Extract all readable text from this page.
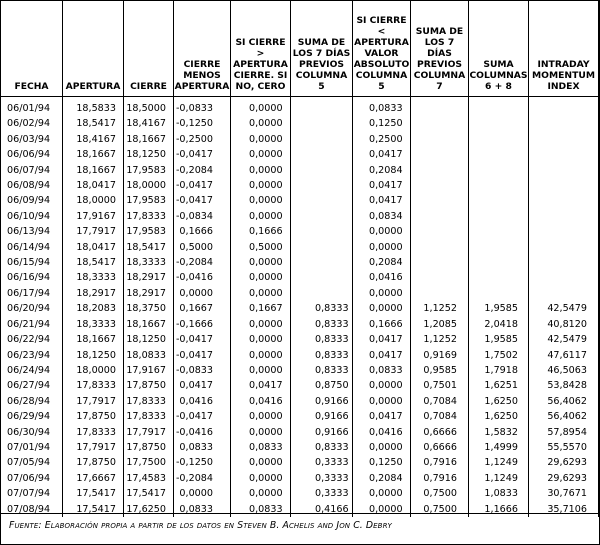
FECHA	APERTURA	CIERRE	CIERRE MENOS APERTURA	SI CIERRE > APERTURA CIERRE. SI NO, CERO	SUMA DE LOS 7 DÍAS PREVIOS COLUMNA 5	SI CIERRE < APERTURA VALOR ABSOLUTO COLUMNA 5	SUMA DE LOS 7 DÍAS PREVIOS COLUMNA 7	SUMA COLUMNAS 6 + 8	INTRADAY MOMENTUM INDEX
06/01/94	18,5833	18,5000	-0,0833	0,0000		0,0833			
06/02/94	18,5417	18,4167	-0,1250	0,0000		0,1250			
06/03/94	18,4167	18,1667	-0,2500	0,0000		0,2500			
06/06/94	18,1667	18,1250	-0,0417	0,0000		0,0417			
06/07/94	18,1667	17,9583	-0,2084	0,0000		0,2084			
06/08/94	18,0417	18,0000	-0,0417	0,0000		0,0417			
06/09/94	18,0000	17,9583	-0,0417	0,0000		0,0417			
06/10/94	17,9167	17,8333	-0,0834	0,0000		0,0834			
06/13/94	17,7917	17,9583	0,1666	0,1666		0,0000			
06/14/94	18,0417	18,5417	0,5000	0,5000		0,0000			
06/15/94	18,5417	18,3333	-0,2084	0,0000		0,2084			
06/16/94	18,3333	18,2917	-0,0416	0,0000		0,0416			
06/17/94	18,2917	18,2917	0,0000	0,0000		0,0000			
06/20/94	18,2083	18,3750	0,1667	0,1667	0,8333	0,0000	1,1252	1,9585	42,5479
06/21/94	18,3333	18,1667	-0,1666	0,0000	0,8333	0,1666	1,2085	2,0418	40,8120
06/22/94	18,1667	18,1250	-0,0417	0,0000	0,8333	0,0417	1,1252	1,9585	42,5479
06/23/94	18,1250	18,0833	-0,0417	0,0000	0,8333	0,0417	0,9169	1,7502	47,6117
06/24/94	18,0000	17,9167	-0,0833	0,0000	0,8333	0,0833	0,9585	1,7918	46,5063
06/27/94	17,8333	17,8750	0,0417	0,0417	0,8750	0,0000	0,7501	1,6251	53,8428
06/28/94	17,7917	17,8333	0,0416	0,0416	0,9166	0,0000	0,7084	1,6250	56,4062
06/29/94	17,8750	17,8333	-0,0417	0,0000	0,9166	0,0417	0,7084	1,6250	56,4062
06/30/94	17,8333	17,7917	-0,0416	0,0000	0,9166	0,0416	0,6666	1,5832	57,8954
07/01/94	17,7917	17,8750	0,0833	0,0833	0,8333	0,0000	0,6666	1,4999	55,5570
07/05/94	17,8750	17,7500	-0,1250	0,0000	0,3333	0,1250	0,7916	1,1249	29,6293
07/06/94	17,6667	17,4583	-0,2084	0,0000	0,3333	0,2084	0,7916	1,1249	29,6293
07/07/94	17,5417	17,5417	0,0000	0,0000	0,3333	0,0000	0,7500	1,0833	30,7671
07/08/94	17,5417	17,6250	0,0833	0,0833	0,4166	0,0000	0,7500	1,1666	35,7106
Fuente: Elaboración propia a partir de los datos en Steven B. Achelis and Jon C. Debry
